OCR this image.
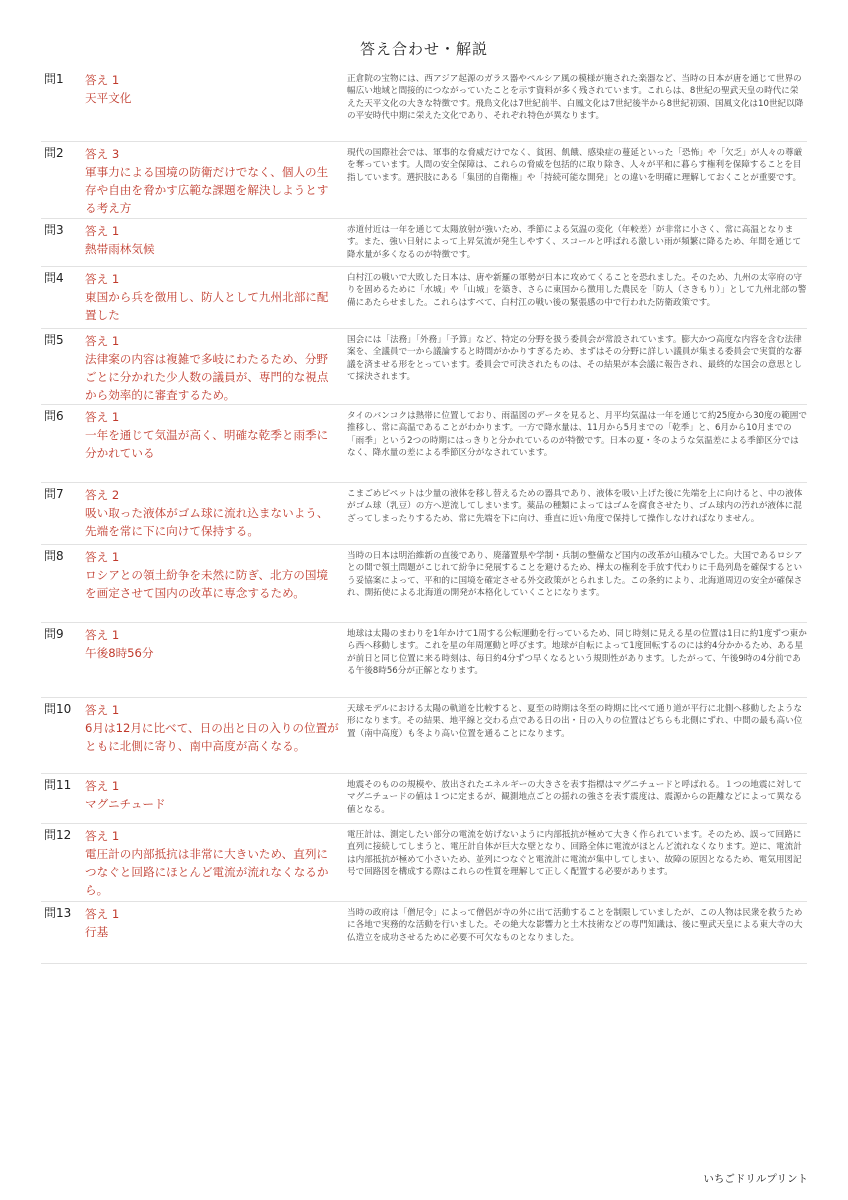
答え合わせ・解説
問1	答え 1
天平文化
正倉院の宝物には、西アジア起源のガラス器やペルシア風の模様が施された楽器など、当時の日本が唐を通じて世界の幅広い地域と間接的につながっていたことを示す資料が多く残されています。これらは、8世紀の聖武天皇の時代に栄えた天平文化の大きな特徴です。飛鳥文化は7世紀前半、白鳳文化は7世紀後半から8世紀初頭、国風文化は10世紀以降の平安時代中期に栄えた文化であり、それぞれ特色が異なります。
問2	答え 3
軍事力による国境の防衛だけでなく、個人の生存や自由を脅かす広範な課題を解決しようとする考え方
現代の国際社会では、軍事的な脅威だけでなく、貧困、飢餓、感染症の蔓延といった「恐怖」や「欠乏」が人々の尊厳を奪っています。人間の安全保障は、これらの脅威を包括的に取り除き、人々が平和に暮らす権利を保障することを目指しています。選択肢にある「集団的自衛権」や「持続可能な開発」との違いを明確に理解しておくことが重要です。
問3	答え 1
熱帯雨林気候
赤道付近は一年を通じて太陽放射が強いため、季節による気温の変化（年較差）が非常に小さく、常に高温となります。また、強い日射によって上昇気流が発生しやすく、スコールと呼ばれる激しい雨が頻繁に降るため、年間を通じて降水量が多くなるのが特徴です。
問4	答え 1
東国から兵を徴用し、防人として九州北部に配置した
白村江の戦いで大敗した日本は、唐や新羅の軍勢が日本に攻めてくることを恐れました。そのため、九州の太宰府の守りを固めるために「水城」や「山城」を築き、さらに東国から徴用した農民を「防人（さきもり）」として九州北部の警備にあたらせました。これらはすべて、白村江の戦い後の緊張感の中で行われた防衛政策です。
問5	答え 1
法律案の内容は複雑で多岐にわたるため、分野ごとに分かれた少人数の議員が、専門的な視点から効率的に審査するため。
国会には「法務」「外務」「予算」など、特定の分野を扱う委員会が常設されています。膨大かつ高度な内容を含む法律案を、全議員で一から議論すると時間がかかりすぎるため、まずはその分野に詳しい議員が集まる委員会で実質的な審議を済ませる形をとっています。委員会で可決されたものは、その結果が本会議に報告され、最終的な国会の意思として採決されます。
問6	答え 1
一年を通じて気温が高く、明確な乾季と雨季に分かれている
タイのバンコクは熱帯に位置しており、雨温図のデータを見ると、月平均気温は一年を通じて約25度から30度の範囲で推移し、常に高温であることがわかります。一方で降水量は、11月から5月までの「乾季」と、6月から10月までの「雨季」という2つの時期にはっきりと分かれているのが特徴です。日本の夏・冬のような気温差による季節区分ではなく、降水量の差による季節区分がなされています。
問7	答え 2
吸い取った液体がゴム球に流れ込まないよう、先端を常に下に向けて保持する。
こまごめピペットは少量の液体を移し替えるための器具であり、液体を吸い上げた後に先端を上に向けると、中の液体がゴム球（乳豆）の方へ逆流してしまいます。薬品の種類によってはゴムを腐食させたり、ゴム球内の汚れが液体に混ざってしまったりするため、常に先端を下に向け、垂直に近い角度で保持して操作しなければなりません。
問8	答え 1
ロシアとの領土紛争を未然に防ぎ、北方の国境を画定させて国内の改革に専念するため。
当時の日本は明治維新の直後であり、廃藩置県や学制・兵制の整備など国内の改革が山積みでした。大国であるロシアとの間で領土問題がこじれて紛争に発展することを避けるため、樺太の権利を手放す代わりに千島列島を確保するという妥協案によって、平和的に国境を確定させる外交政策がとられました。この条約により、北海道周辺の安全が確保され、開拓使による北海道の開発が本格化していくことになります。
問9	答え 1
午後8時56分
地球は太陽のまわりを1年かけて1周する公転運動を行っているため、同じ時刻に見える星の位置は1日に約1度ずつ東から西へ移動します。これを星の年周運動と呼びます。地球が自転によって1度回転するのには約4分かかるため、ある星が前日と同じ位置に来る時刻は、毎日約4分ずつ早くなるという規則性があります。したがって、午後9時の4分前である午後8時56分が正解となります。
問10	答え 1
6月は12月に比べて、日の出と日の入りの位置がともに北側に寄り、南中高度が高くなる。
天球モデルにおける太陽の軌道を比較すると、夏至の時期は冬至の時期に比べて通り道が平行に北側へ移動したような形になります。その結果、地平線と交わる点である日の出・日の入りの位置はどちらも北側にずれ、中間の最も高い位置（南中高度）も冬より高い位置を通ることになります。
問11	答え 1
マグニチュード
地震そのものの規模や、放出されたエネルギーの大きさを表す指標はマグニチュードと呼ばれる。１つの地震に対してマグニチュードの値は１つに定まるが、観測地点ごとの揺れの強さを表す震度は、震源からの距離などによって異なる値となる。
問12	答え 1
電圧計の内部抵抗は非常に大きいため、直列につなぐと回路にほとんど電流が流れなくなるから。
電圧計は、測定したい部分の電流を妨げないように内部抵抗が極めて大きく作られています。そのため、誤って回路に直列に接続してしまうと、電圧計自体が巨大な壁となり、回路全体に電流がほとんど流れなくなります。逆に、電流計は内部抵抗が極めて小さいため、並列につなぐと電流計に電流が集中してしまい、故障の原因となるため、電気用図記号で回路図を構成する際はこれらの性質を理解して正しく配置する必要があります。
問13	答え 1
行基
当時の政府は「僧尼令」によって僧侶が寺の外に出て活動することを制限していましたが、この人物は民衆を救うために各地で実務的な活動を行いました。その絶大な影響力と土木技術などの専門知識は、後に聖武天皇による東大寺の大仏造立を成功させるために必要不可欠なものとなりました。
いちごドリルプリント
